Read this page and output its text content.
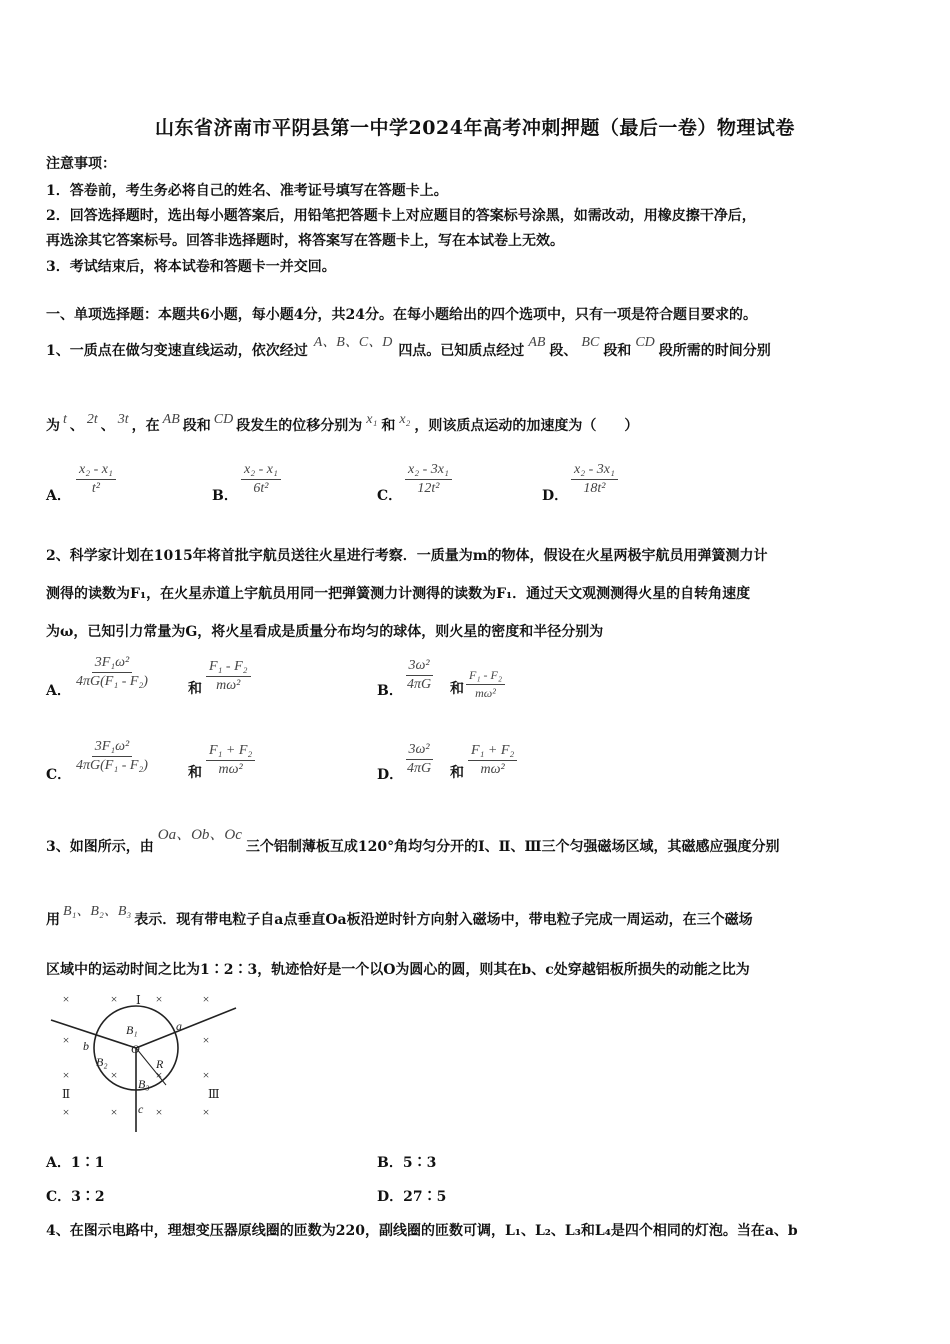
山东省济南市平阴县第一中学2024年高考冲刺押题（最后一卷）物理试卷
注意事项：
1．答卷前，考生务必将自己的姓名、准考证号填写在答题卡上。
2．回答选择题时，选出每小题答案后，用铅笔把答题卡上对应题目的答案标号涂黑，如需改动，用橡皮擦干净后，
再选涂其它答案标号。回答非选择题时，将答案写在答题卡上，写在本试卷上无效。
3．考试结束后，将本试卷和答题卡一并交回。
一、单项选择题：本题共6小题，每小题4分，共24分。在每小题给出的四个选项中，只有一项是符合题目要求的。
1、一质点在做匀变速直线运动，依次经过A、B、C、D四点。已知质点经过AB段、BC段和CD段所需的时间分别
为 t 、 2t 、 3t ，在 AB 段和 CD 段发生的位移分别为 x₁ 和 x₂ ，则该质点运动的加速度为（　　）
A． $\frac{\text{x₂ - x₁}}{\text{t²}}$	B． $\frac{\text{x₂ - x₁}}{\text{6t²}}$	C． $\frac{\text{x₂ - 3x₁}}{\text{12t²}}$	D． $\frac{\text{x₂ - 3x₁}}{\text{18t²}}$
2、科学家计划在1015年将首批宇航员送往火星进行考察．一质量为m的物体，假设在火星两极宇航员用弹簧测力计
测得的读数为F₁，在火星赤道上宇航员用同一把弹簧测力计测得的读数为F₁．通过天文观测测得火星的自转角速度
为ω，已知引力常量为G，将火星看成是质量分布均匀的球体，则火星的密度和半径分别为
A．
$\frac{\text{3F₁ω²}}{\text{4πG(F₁ - F₂)}}$	和 $\frac{\text{F₁ - F₂}}{\text{mω²}}$	B． $\frac{\text{3ω²}}{4\pi G}$ 和 $\frac{\text{F₁ - F₂}}{\text{mω²}}$
C．
$\frac{\text{3F₁ω²}}{\text{4πG(F₁ - F₂)}}$	和 $\frac{\text{F₁ + F₂}}{\text{mω²}}$	D． $\frac{\text{3ω²}}{4\pi G}$ 和 $\frac{\text{F₁ + F₂}}{\text{mω²}}$
3、如图所示，由Oa、Ob、Oc三个铝制薄板互成120°角均匀分开的Ⅰ、Ⅱ、Ⅲ三个匀强磁场区域，其磁感应强度分别
用B₁、B₂、B₃表示．现有带电粒子自a点垂直Oa板沿逆时针方向射入磁场中，带电粒子完成一周运动，在三个磁场
区域中的运动时间之比为1∶2∶3，轨迹恰好是一个以O为圆心的圆，则其在b、c处穿越铝板所损失的动能之比为
×	×	×	×
×	×
×	×	×	×
×	×	×	×
Ⅰ
Ⅱ	Ⅲ
a
b
c
O
R
B₁
B₂
B₃
A．1∶1	B．5∶3
C．3∶2	D．27∶5
4、在图示电路中，理想变压器原线圈的匝数为220，副线圈的匝数可调，L₁、L₂、L₃和L₄是四个相同的灯泡。当在a、b
